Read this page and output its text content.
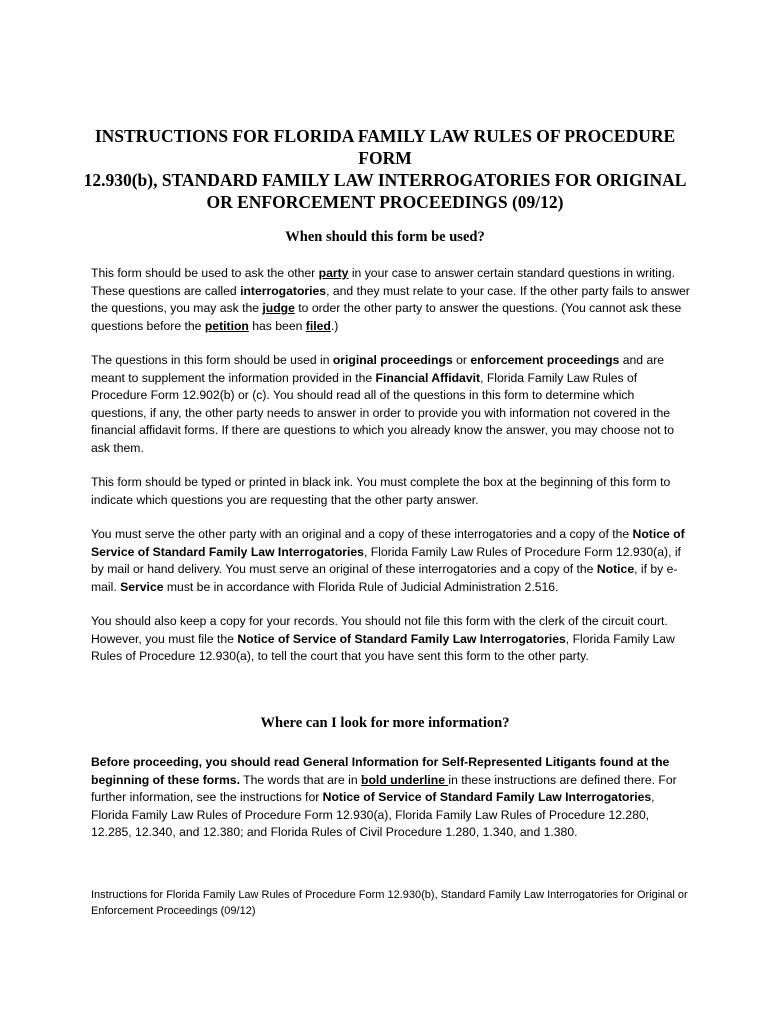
INSTRUCTIONS FOR FLORIDA FAMILY LAW RULES OF PROCEDURE FORM
12.930(b), STANDARD FAMILY LAW INTERROGATORIES FOR ORIGINAL
OR ENFORCEMENT PROCEEDINGS (09/12)
When should this form be used?

This form should be used to ask the other party in your case to answer certain standard questions in writing. These questions are called interrogatories, and they must relate to your case. If the other party fails to answer the questions, you may ask the judge to order the other party to answer the questions. (You cannot ask these questions before the petition has been filed.)

The questions in this form should be used in original proceedings or enforcement proceedings and are meant to supplement the information provided in the Financial Affidavit, Florida Family Law Rules of Procedure Form 12.902(b) or (c). You should read all of the questions in this form to determine which questions, if any, the other party needs to answer in order to provide you with information not covered in the financial affidavit forms. If there are questions to which you already know the answer, you may choose not to ask them.

This form should be typed or printed in black ink. You must complete the box at the beginning of this form to indicate which questions you are requesting that the other party answer.

You must serve the other party with an original and a copy of these interrogatories and a copy of the Notice of Service of Standard Family Law Interrogatories, Florida Family Law Rules of Procedure Form 12.930(a), if by mail or hand delivery. You must serve an original of these interrogatories and a copy of the Notice, if by e-mail. Service must be in accordance with Florida Rule of Judicial Administration 2.516.

You should also keep a copy for your records. You should not file this form with the clerk of the circuit court. However, you must file the Notice of Service of Standard Family Law Interrogatories, Florida Family Law Rules of Procedure 12.930(a), to tell the court that you have sent this form to the other party.

Where can I look for more information?

Before proceeding, you should read General Information for Self-Represented Litigants found at the beginning of these forms. The words that are in bold underline in these instructions are defined there. For further information, see the instructions for Notice of Service of Standard Family Law Interrogatories, Florida Family Law Rules of Procedure Form 12.930(a), Florida Family Law Rules of Procedure 12.280, 12.285, 12.340, and 12.380; and Florida Rules of Civil Procedure 1.280, 1.340, and 1.380.

Instructions for Florida Family Law Rules of Procedure Form 12.930(b), Standard Family Law Interrogatories for Original or Enforcement Proceedings (09/12)
